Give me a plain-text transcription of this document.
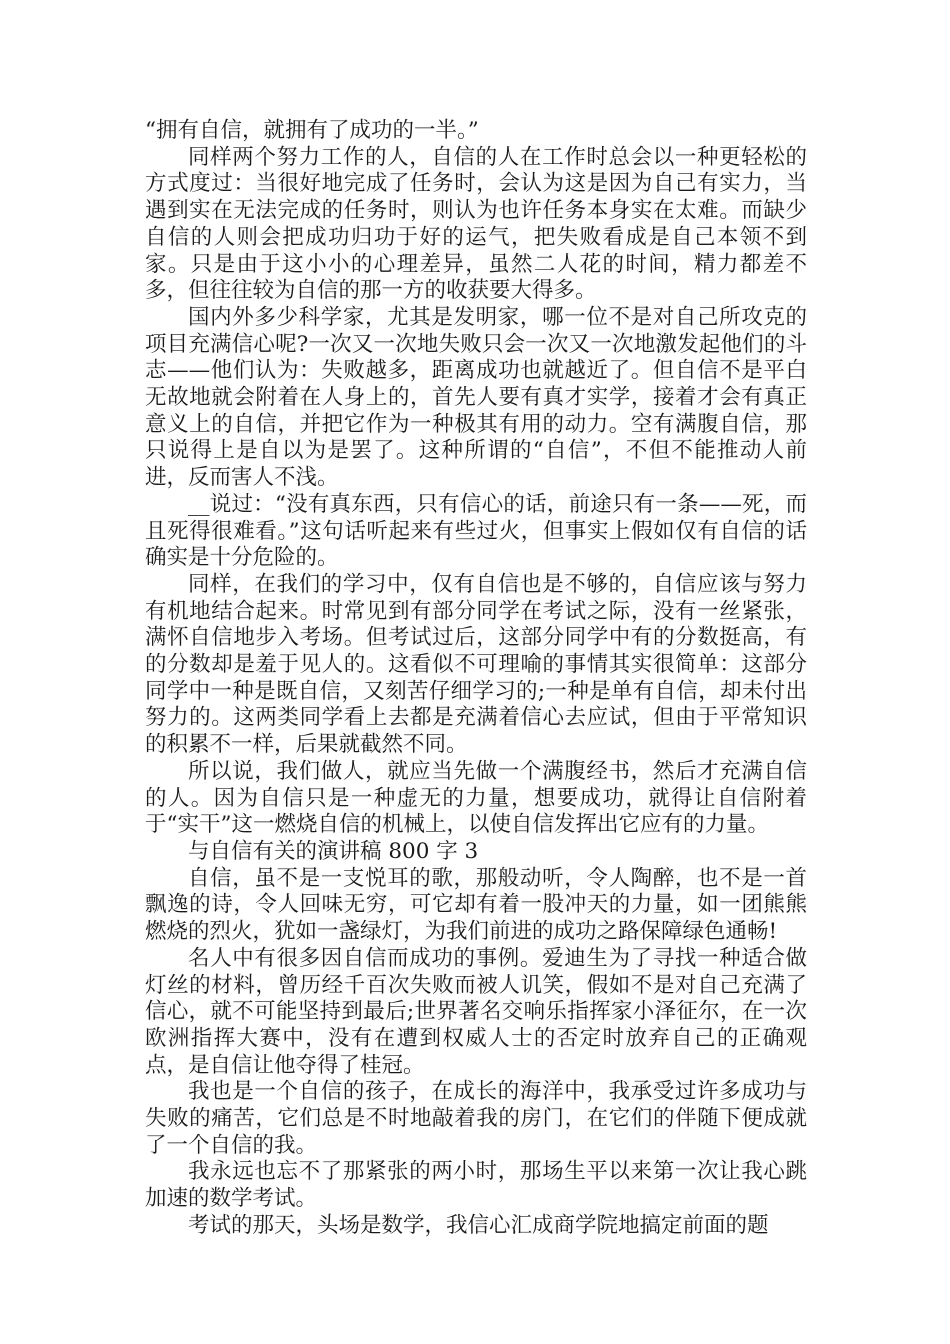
“拥有自信，就拥有了成功的一半。”

同样两个努力工作的人，自信的人在工作时总会以一种更轻松的方式度过：当很好地完成了任务时，会认为这是因为自己有实力，当遇到实在无法完成的任务时，则认为也许任务本身实在太难。而缺少自信的人则会把成功归功于好的运气，把失败看成是自己本领不到家。只是由于这小小的心理差异，虽然二人花的时间，精力都差不多，但往往较为自信的那一方的收获要大得多。

国内外多少科学家，尤其是发明家，哪一位不是对自己所攻克的项目充满信心呢?一次又一次地失败只会一次又一次地激发起他们的斗志——他们认为：失败越多，距离成功也就越近了。但自信不是平白无故地就会附着在人身上的，首先人要有真才实学，接着才会有真正意义上的自信，并把它作为一种极其有用的动力。空有满腹自信，那只说得上是自以为是罢了。这种所谓的“自信”，不但不能推动人前进，反而害人不浅。

__说过：“没有真东西，只有信心的话，前途只有一条——死，而且死得很难看。”这句话听起来有些过火，但事实上假如仅有自信的话确实是十分危险的。

同样，在我们的学习中，仅有自信也是不够的，自信应该与努力有机地结合起来。时常见到有部分同学在考试之际，没有一丝紧张，满怀自信地步入考场。但考试过后，这部分同学中有的分数挺高，有的分数却是羞于见人的。这看似不可理喻的事情其实很简单：这部分同学中一种是既自信，又刻苦仔细学习的;一种是单有自信，却未付出努力的。这两类同学看上去都是充满着信心去应试，但由于平常知识的积累不一样，后果就截然不同。

所以说，我们做人，就应当先做一个满腹经书，然后才充满自信的人。因为自信只是一种虚无的力量，想要成功，就得让自信附着于“实干”这一燃烧自信的机械上，以使自信发挥出它应有的力量。

与自信有关的演讲稿 800 字 3

自信，虽不是一支悦耳的歌，那般动听，令人陶醉，也不是一首飘逸的诗，令人回味无穷，可它却有着一股冲天的力量，如一团熊熊燃烧的烈火，犹如一盏绿灯，为我们前进的成功之路保障绿色通畅!

名人中有很多因自信而成功的事例。爱迪生为了寻找一种适合做灯丝的材料，曾历经千百次失败而被人讥笑，假如不是对自己充满了信心，就不可能坚持到最后;世界著名交响乐指挥家小泽征尔，在一次欧洲指挥大赛中，没有在遭到权威人士的否定时放弃自己的正确观点，是自信让他夺得了桂冠。

我也是一个自信的孩子，在成长的海洋中，我承受过许多成功与失败的痛苦，它们总是不时地敲着我的房门，在它们的伴随下便成就了一个自信的我。

我永远也忘不了那紧张的两小时，那场生平以来第一次让我心跳加速的数学考试。

考试的那天，头场是数学，我信心汇成商学院地搞定前面的题
